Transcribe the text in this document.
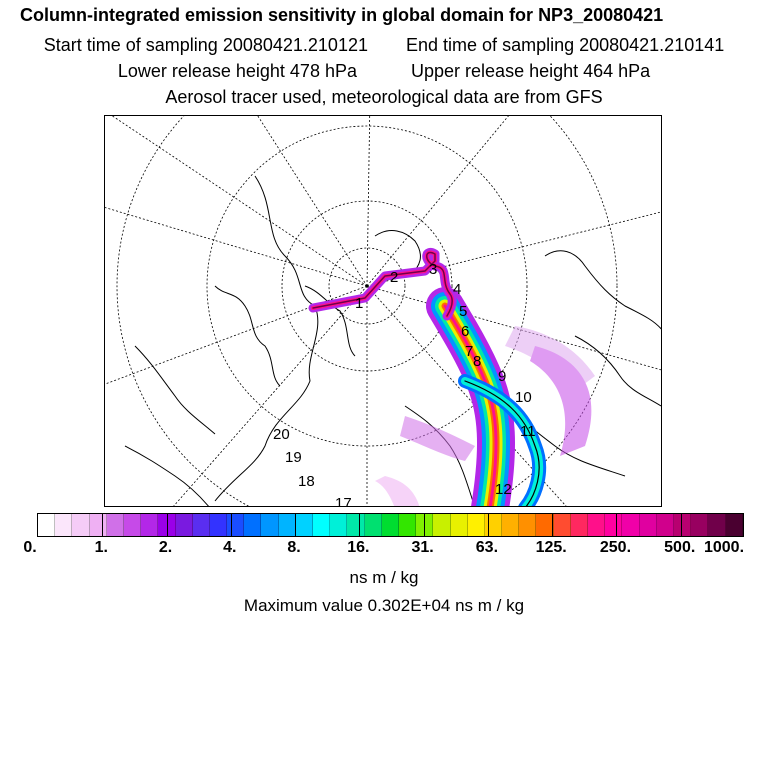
Column-integrated emission sensitivity in global domain for NP3_20080421
Start time of sampling 20080421.210121 End time of sampling 20080421.210141
Lower release height 478 hPa	Upper release height 464 hPa
Aerosol tracer used, meteorological data are from GFS
1
2 3
4
5
6
7
8
9
10
11
12
17
18
19
20
0.	1.	2.	4.	8.	16.	31.	63. 125. 250. 500. 1000.
ns m / kg
Maximum value 0.302E+04 ns m / kg
